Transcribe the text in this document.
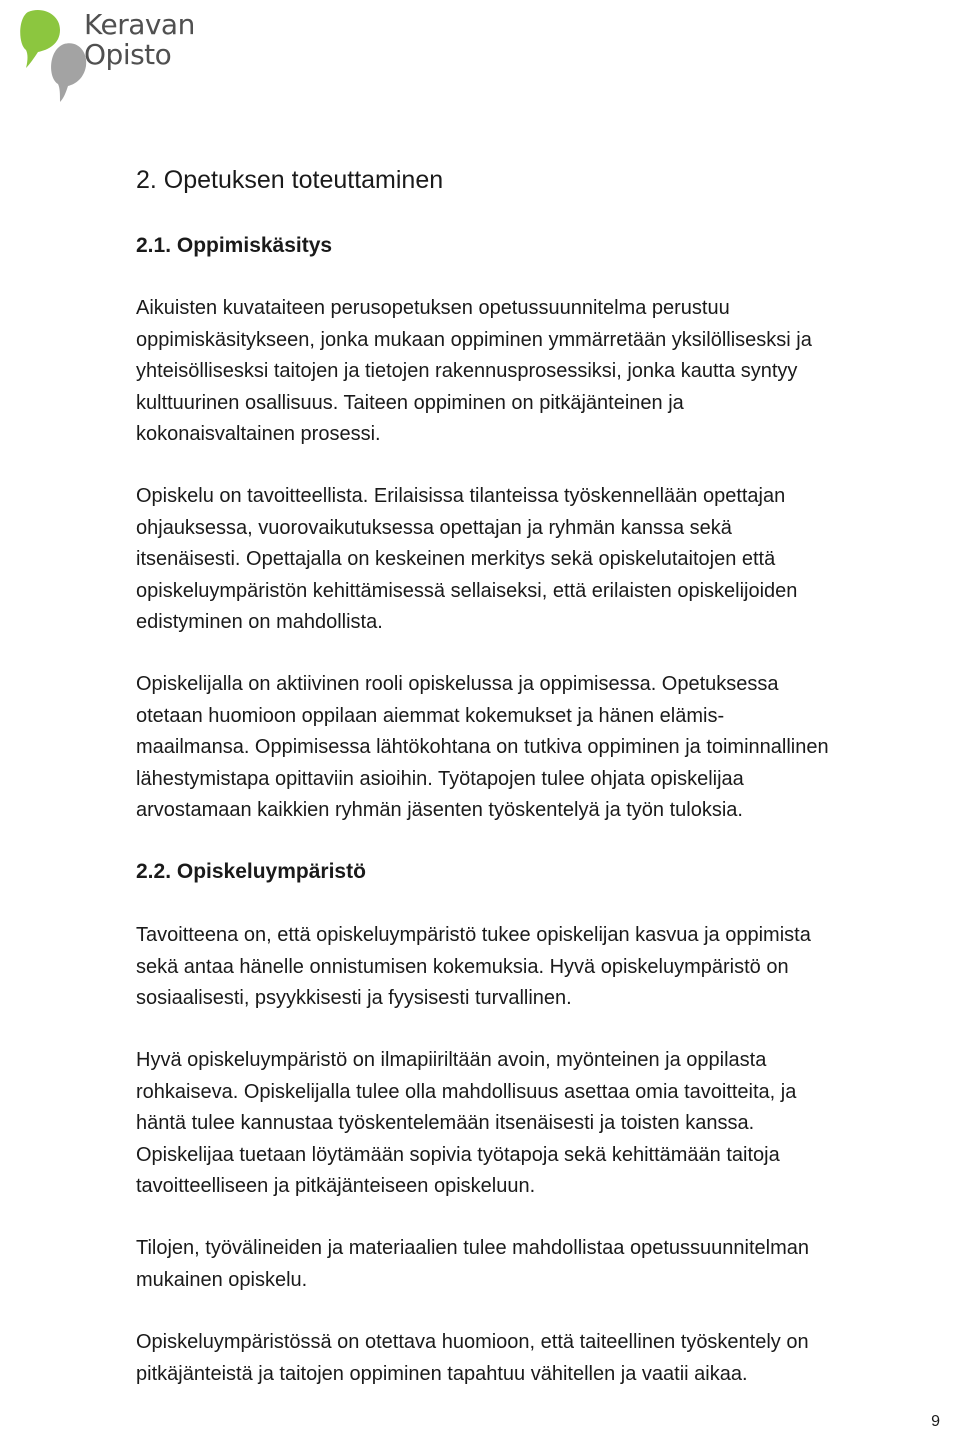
Keravan
Opisto
2. Opetuksen toteuttaminen
2.1. Oppimiskäsitys

Aikuisten kuvataiteen perusopetuksen opetussuunnitelma perustuu
oppimiskäsitykseen, jonka mukaan oppiminen ymmärretään yksilöllisesksi ja
yhteisöllisesksi taitojen ja tietojen rakennusprosessiksi, jonka kautta syntyy
kulttuurinen osallisuus. Taiteen oppiminen on pitkäjänteinen ja
kokonaisvaltainen prosessi.

Opiskelu on tavoitteellista. Erilaisissa tilanteissa työskennellään opettajan
ohjauksessa, vuorovaikutuksessa opettajan ja ryhmän kanssa sekä
itsenäisesti. Opettajalla on keskeinen merkitys sekä opiskelutaitojen että
opiskeluympäristön kehittämisessä sellaiseksi, että erilaisten opiskelijoiden
edistyminen on mahdollista.

Opiskelijalla on aktiivinen rooli opiskelussa ja oppimisessa. Opetuksessa
otetaan huomioon oppilaan aiemmat kokemukset ja hänen elämis-
maailmansa. Oppimisessa lähtökohtana on tutkiva oppiminen ja toiminnallinen
lähestymistapa opittaviin asioihin. Työtapojen tulee ohjata opiskelijaa
arvostamaan kaikkien ryhmän jäsenten työskentelyä ja työn tuloksia.

2.2. Opiskeluympäristö

Tavoitteena on, että opiskeluympäristö tukee opiskelijan kasvua ja oppimista
sekä antaa hänelle onnistumisen kokemuksia. Hyvä opiskeluympäristö on
sosiaalisesti, psyykkisesti ja fyysisesti turvallinen.

Hyvä opiskeluympäristö on ilmapiiriltään avoin, myönteinen ja oppilasta
rohkaiseva. Opiskelijalla tulee olla mahdollisuus asettaa omia tavoitteita, ja
häntä tulee kannustaa työskentelemään itsenäisesti ja toisten kanssa.
Opiskelijaa tuetaan löytämään sopivia työtapoja sekä kehittämään taitoja
tavoitteelliseen ja pitkäjänteiseen opiskeluun.

Tilojen, työvälineiden ja materiaalien tulee mahdollistaa opetussuunnitelman
mukainen opiskelu.

Opiskeluympäristössä on otettava huomioon, että taiteellinen työskentely on
pitkäjänteistä ja taitojen oppiminen tapahtuu vähitellen ja vaatii aikaa.

9
